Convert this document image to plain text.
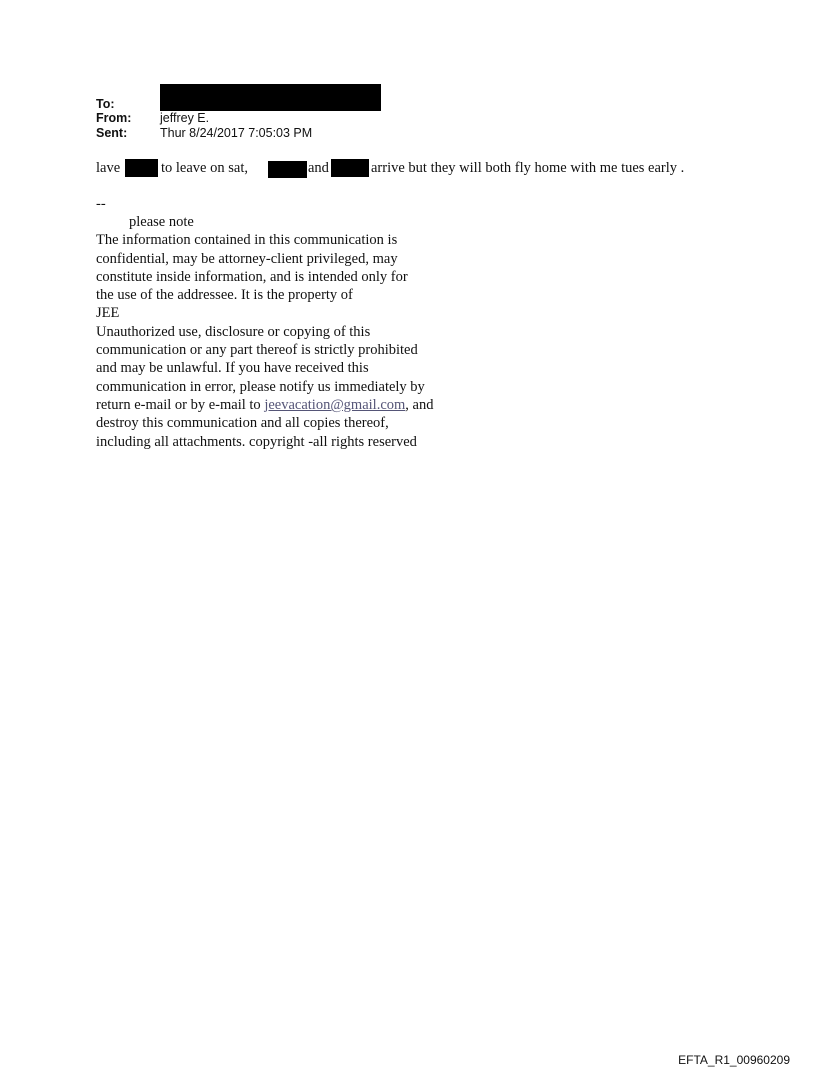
To:
From: jeffrey E.
Sent:	Thur 8/24/2017 7:05:03 PM
lave	to leave on sat,	and	arrive but they will both fly home with me tues early .
--
please note
The information contained in this communication is
confidential, may be attorney-client privileged, may
constitute inside information, and is intended only for
the use of the addressee. It is the property of
JEE
Unauthorized use, disclosure or copying of this
communication or any part thereof is strictly prohibited
and may be unlawful. If you have received this
communication in error, please notify us immediately by
return e-mail or by e-mail to jeevacation@gmail.com, and
destroy this communication and all copies thereof,
including all attachments. copyright -all rights reserved
EFTA_R1_00960209
